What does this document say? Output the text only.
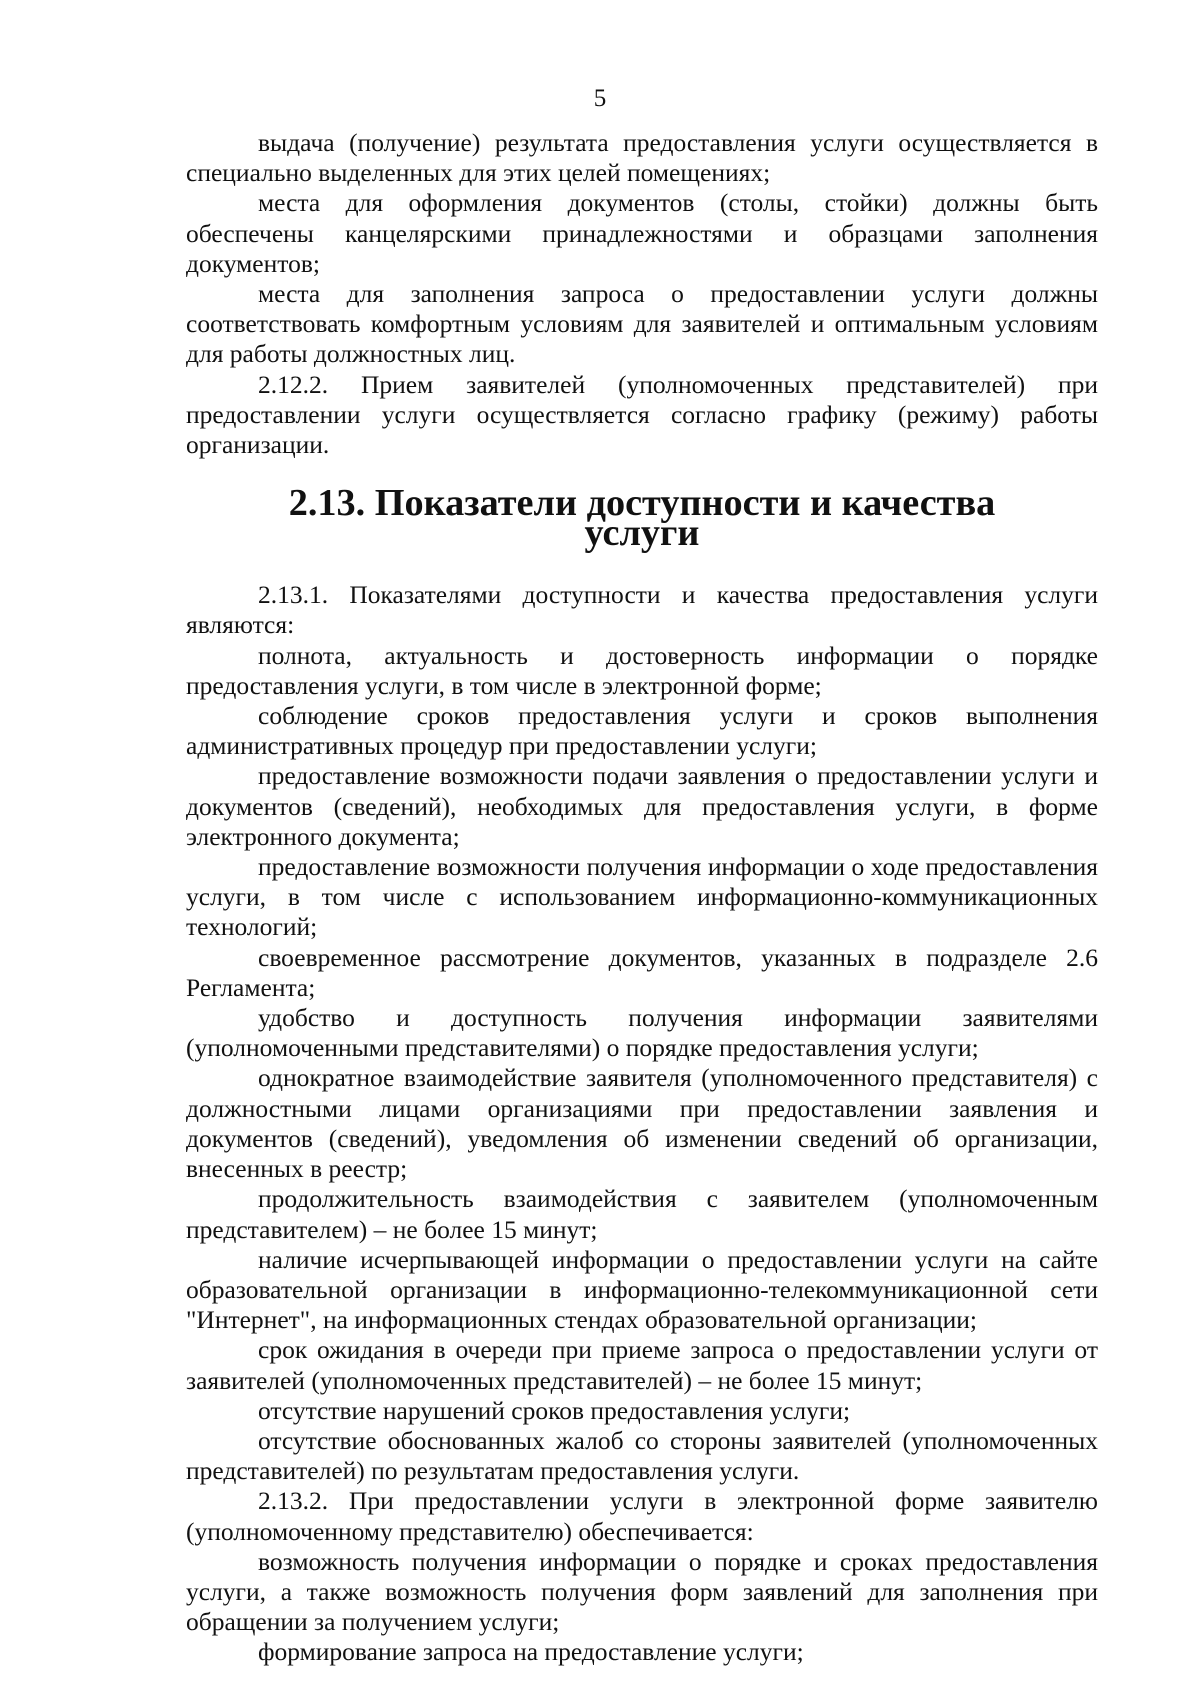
5

выдача (получение) результата предоставления услуги осуществляется в специально выделенных для этих целей помещениях;

места для оформления документов (столы, стойки) должны быть обеспечены канцелярскими принадлежностями и образцами заполнения документов;

места для заполнения запроса о предоставлении услуги должны соответствовать комфортным условиям для заявителей и оптимальным условиям для работы должностных лиц.

2.12.2. Прием заявителей (уполномоченных представителей) при предоставлении услуги осуществляется согласно графику (режиму) работы организации.

2.13. Показатели доступности и качества
услуги

2.13.1. Показателями доступности и качества предоставления услуги являются:

полнота, актуальность и достоверность информации о порядке предоставления услуги, в том числе в электронной форме;

соблюдение сроков предоставления услуги и сроков выполнения административных процедур при предоставлении услуги;

предоставление возможности подачи заявления о предоставлении услуги и документов (сведений), необходимых для предоставления услуги, в форме электронного документа;

предоставление возможности получения информации о ходе предоставления услуги, в том числе с использованием информационно-коммуникационных технологий;

своевременное рассмотрение документов, указанных в подразделе 2.6 Регламента;

удобство и доступность получения информации заявителями (уполномоченными представителями) о порядке предоставления услуги;

однократное взаимодействие заявителя (уполномоченного представителя) с должностными лицами организациями при предоставлении заявления и документов (сведений), уведомления об изменении сведений об организации, внесенных в реестр;

продолжительность взаимодействия с заявителем (уполномоченным представителем) – не более 15 минут;

наличие исчерпывающей информации о предоставлении услуги на сайте образовательной организации в информационно-телекоммуникационной сети "Интернет", на информационных стендах образовательной организации;

срок ожидания в очереди при приеме запроса о предоставлении услуги от заявителей (уполномоченных представителей) – не более 15 минут;

отсутствие нарушений сроков предоставления услуги;

отсутствие обоснованных жалоб со стороны заявителей (уполномоченных представителей) по результатам предоставления услуги.

2.13.2. При предоставлении услуги в электронной форме заявителю (уполномоченному представителю) обеспечивается:

возможность получения информации о порядке и сроках предоставления услуги, а также возможность получения форм заявлений для заполнения при обращении за получением услуги;

формирование запроса на предоставление услуги;
